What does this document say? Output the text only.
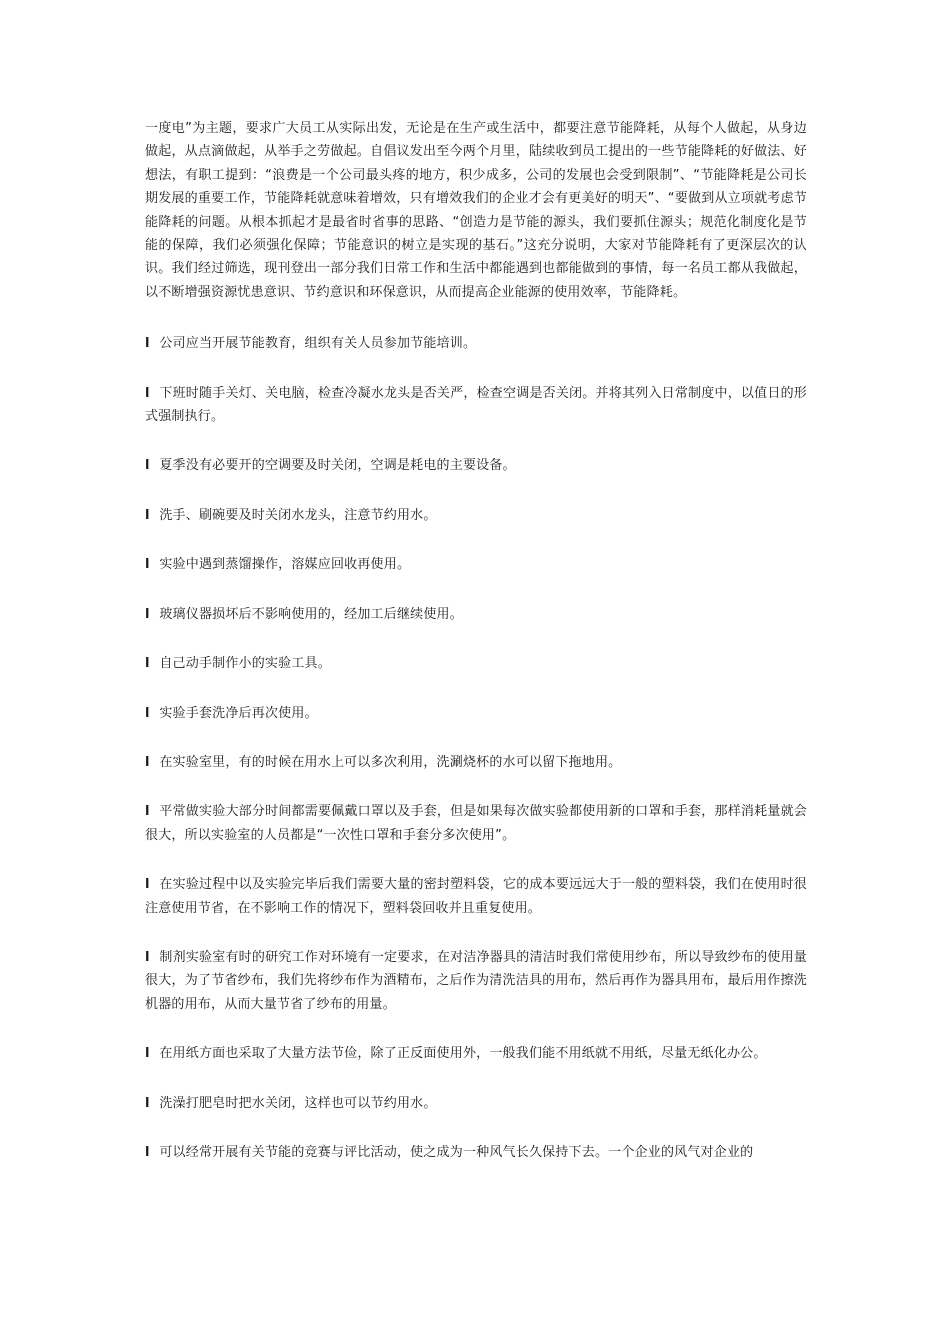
一度电”为主题，要求广大员工从实际出发，无论是在生产或生活中，都要注意节能降耗，从每个人做起，从身边做起，从点滴做起，从举手之劳做起。自倡议发出至今两个月里，陆续收到员工提出的一些节能降耗的好做法、好想法，有职工提到：“浪费是一个公司最头疼的地方，积少成多，公司的发展也会受到限制”、“节能降耗是公司长期发展的重要工作，节能降耗就意味着增效，只有增效我们的企业才会有更美好的明天”、“要做到从立项就考虑节能降耗的问题。从根本抓起才是最省时省事的思路、“创造力是节能的源头，我们要抓住源头；规范化制度化是节能的保障，我们必须强化保障；节能意识的树立是实现的基石。”这充分说明，大家对节能降耗有了更深层次的认识。我们经过筛选，现刊登出一部分我们日常工作和生活中都能遇到也都能做到的事情，每一名员工都从我做起，以不断增强资源忧患意识、节约意识和环保意识，从而提高企业能源的使用效率，节能降耗。

l 公司应当开展节能教育，组织有关人员参加节能培训。

l 下班时随手关灯、关电脑，检查冷凝水龙头是否关严，检查空调是否关闭。并将其列入日常制度中，以值日的形式强制执行。

l 夏季没有必要开的空调要及时关闭，空调是耗电的主要设备。

l 洗手、刷碗要及时关闭水龙头，注意节约用水。

l 实验中遇到蒸馏操作，溶媒应回收再使用。

l 玻璃仪器损坏后不影响使用的，经加工后继续使用。

l 自己动手制作小的实验工具。

l 实验手套洗净后再次使用。

l 在实验室里，有的时候在用水上可以多次利用，洗涮烧杯的水可以留下拖地用。

l 平常做实验大部分时间都需要佩戴口罩以及手套，但是如果每次做实验都使用新的口罩和手套，那样消耗量就会很大，所以实验室的人员都是“一次性口罩和手套分多次使用”。

l 在实验过程中以及实验完毕后我们需要大量的密封塑料袋，它的成本要远远大于一般的塑料袋，我们在使用时很注意使用节省，在不影响工作的情况下，塑料袋回收并且重复使用。

l 制剂实验室有时的研究工作对环境有一定要求，在对洁净器具的清洁时我们常使用纱布，所以导致纱布的使用量很大，为了节省纱布，我们先将纱布作为酒精布，之后作为清洗洁具的用布，然后再作为器具用布，最后用作擦洗机器的用布，从而大量节省了纱布的用量。

l 在用纸方面也采取了大量方法节俭，除了正反面使用外，一般我们能不用纸就不用纸，尽量无纸化办公。

l 洗澡打肥皂时把水关闭，这样也可以节约用水。

l 可以经常开展有关节能的竞赛与评比活动，使之成为一种风气长久保持下去。一个企业的风气对企业的
